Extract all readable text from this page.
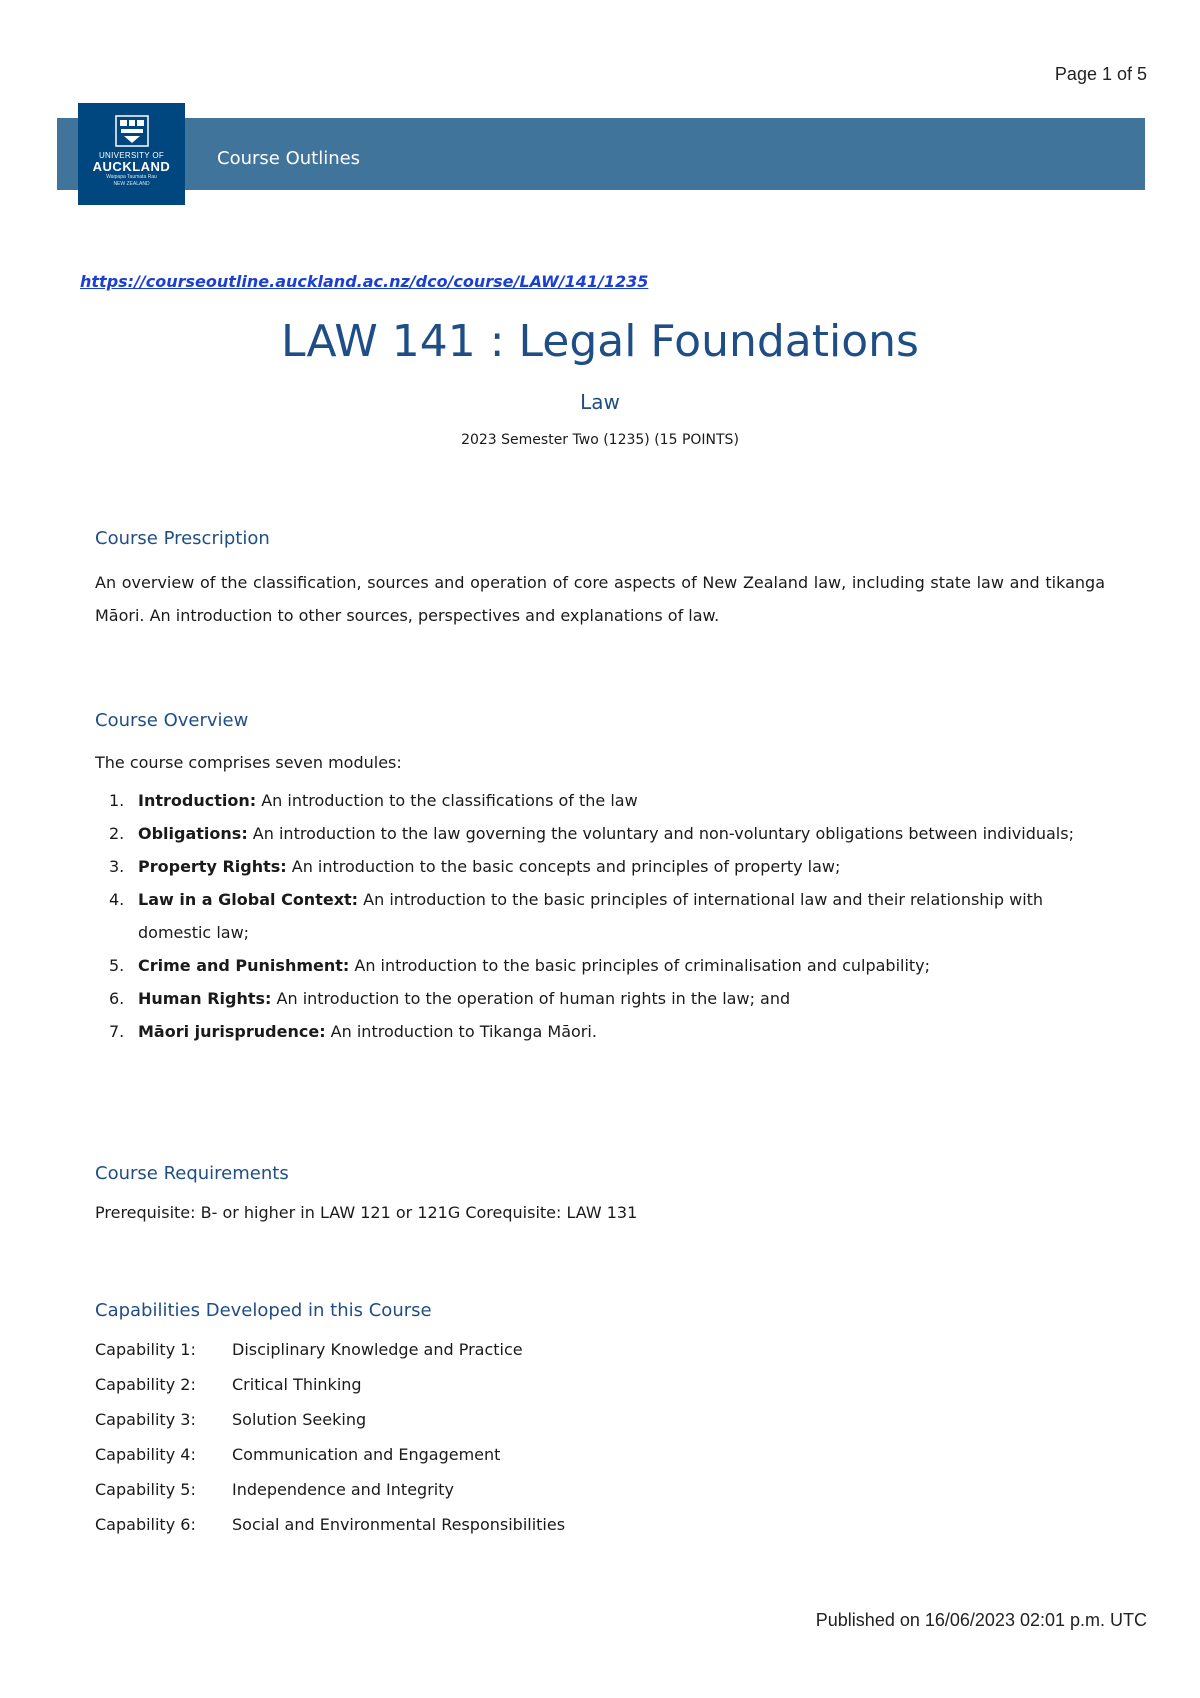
Page 1 of 5
UNIVERSITY OF
AUCKLAND
Waipapa Taumata Rau
NEW ZEALAND
Course Outlines
https://courseoutline.auckland.ac.nz/dco/course/LAW/141/1235
LAW 141 : Legal Foundations
Law
2023 Semester Two (1235) (15 POINTS)
Course Prescription
An overview of the classification, sources and operation of core aspects of New Zealand law, including state law and tikanga Māori. An introduction to other sources, perspectives and explanations of law.
Course Overview
The course comprises seven modules:
1. Introduction: An introduction to the classifications of the law
2. Obligations: An introduction to the law governing the voluntary and non-voluntary obligations between individuals;
3. Property Rights: An introduction to the basic concepts and principles of property law;
4. Law in a Global Context: An introduction to the basic principles of international law and their relationship with domestic law;
5. Crime and Punishment: An introduction to the basic principles of criminalisation and culpability;
6. Human Rights: An introduction to the operation of human rights in the law; and
7. Māori jurisprudence: An introduction to Tikanga Māori.
Course Requirements
Prerequisite: B- or higher in LAW 121 or 121G Corequisite: LAW 131
Capabilities Developed in this Course
Capability 1:	Disciplinary Knowledge and Practice
Capability 2:	Critical Thinking
Capability 3:	Solution Seeking
Capability 4:	Communication and Engagement
Capability 5:	Independence and Integrity
Capability 6:	Social and Environmental Responsibilities
Published on 16/06/2023 02:01 p.m. UTC
